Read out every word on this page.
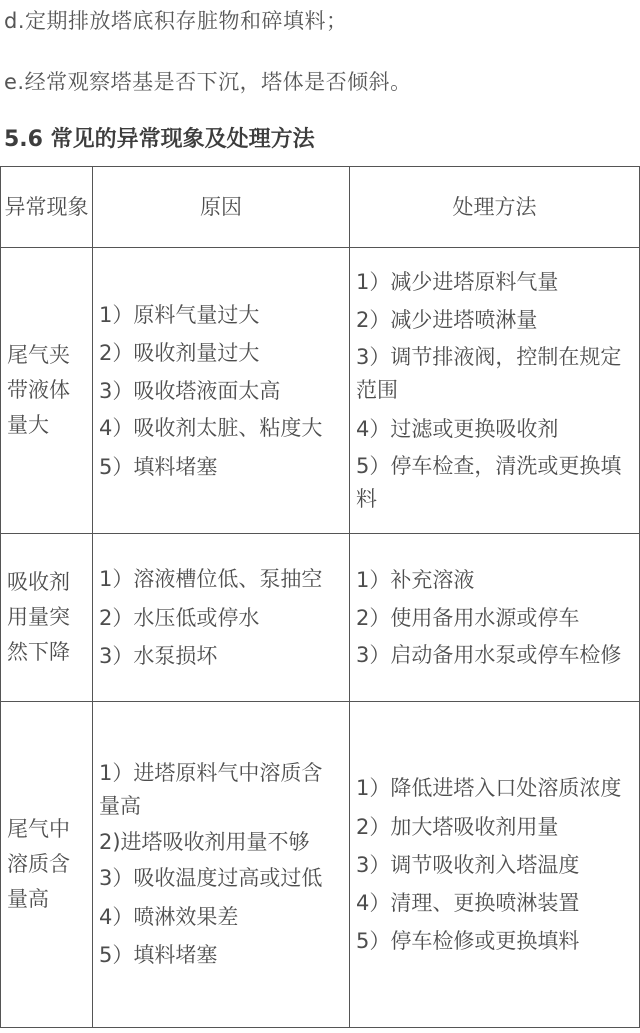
d.定期排放塔底积存脏物和碎填料；
e.经常观察塔基是否下沉，塔体是否倾斜。
5.6 常见的异常现象及处理方法
异常现象	原因	处理方法
尾气夹带液体量大	1）原料气量过大
2）吸收剂量过大
3）吸收塔液面太高
4）吸收剂太脏、粘度大
5）填料堵塞	1）减少进塔原料气量
2）减少进塔喷淋量
3）调节排液阀，控制在规定范围
4）过滤或更换吸收剂
5）停车检查，清洗或更换填料

吸收剂用量突然下降	1）溶液槽位低、泵抽空
2）水压低或停水
3）水泵损坏	1）补充溶液
2）使用备用水源或停车
3）启动备用水泵或停车检修

尾气中溶质含量高	1）进塔原料气中溶质含量高
2)进塔吸收剂用量不够
3）吸收温度过高或过低
4）喷淋效果差
5）填料堵塞	1）降低进塔入口处溶质浓度
2）加大塔吸收剂用量
3）调节吸收剂入塔温度
4）清理、更换喷淋装置
5）停车检修或更换填料
